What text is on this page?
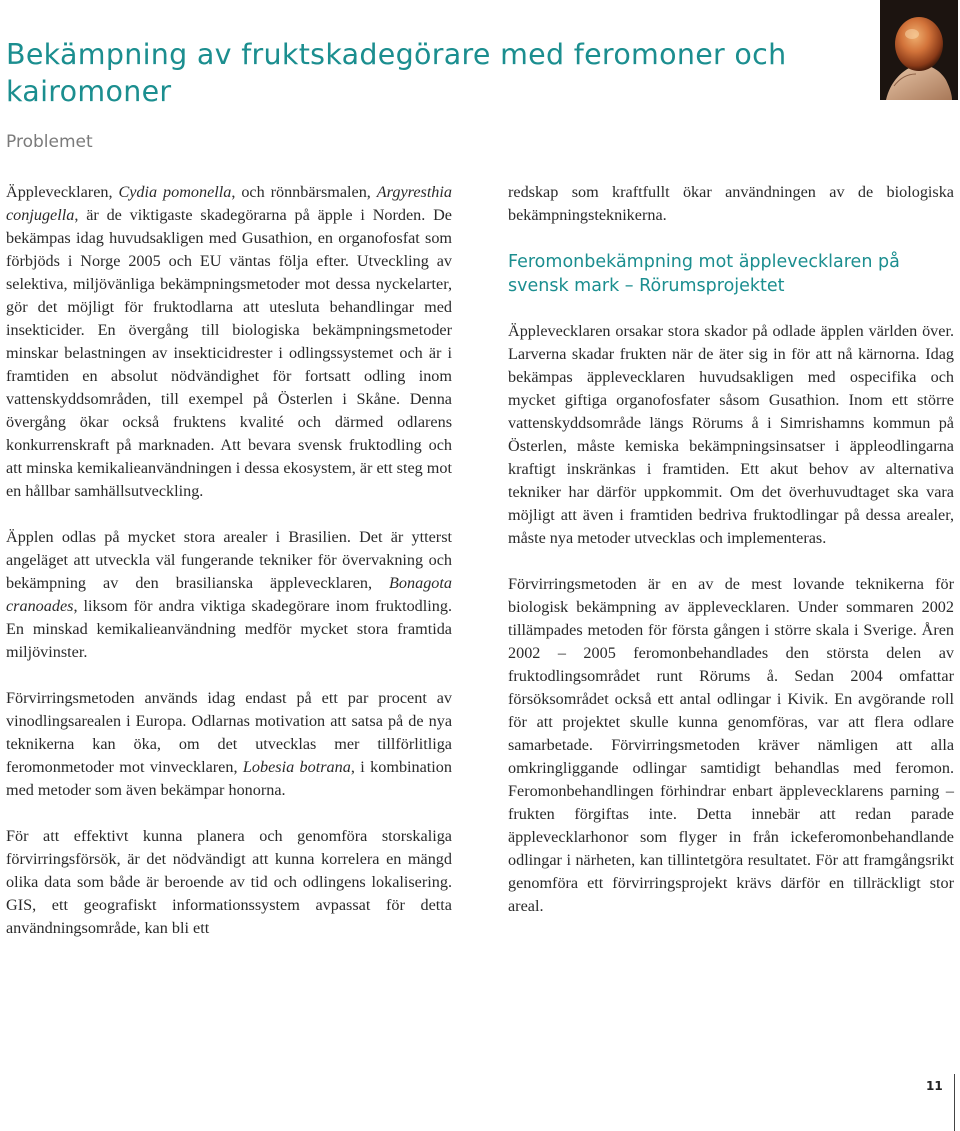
Bekämpning av fruktskadegörare med feromoner och kairomoner
Problemet

Äpplevecklaren, Cydia pomonella, och rönnbärsmalen, Argyresthia conjugella, är de viktigaste skadegörarna på äpple i Norden. De bekämpas idag huvudsakligen med Gusathion, en organofosfat som förbjöds i Norge 2005 och EU väntas följa efter. Utveckling av selektiva, miljövänliga bekämpningsmetoder mot dessa nyckelarter, gör det möjligt för fruktodlarna att utesluta behandlingar med insekticider. En övergång till biologiska bekämpningsmetoder minskar belastningen av insekticidrester i odlingssystemet och är i framtiden en absolut nödvändighet för fortsatt odling inom vattenskyddsområden, till exempel på Österlen i Skåne. Denna övergång ökar också fruktens kvalité och därmed odlarens konkurrenskraft på marknaden. Att bevara svensk fruktodling och att minska kemikalieanvändningen i dessa ekosystem, är ett steg mot en hållbar samhällsutveckling.

Äpplen odlas på mycket stora arealer i Brasilien. Det är ytterst angeläget att utveckla väl fungerande tekniker för övervakning och bekämpning av den brasilianska äpplevecklaren, Bonagota cranoades, liksom för andra viktiga skadegörare inom fruktodling. En minskad kemikalieanvändning medför mycket stora framtida miljövinster.

Förvirringsmetoden används idag endast på ett par procent av vinodlingsarealen i Europa. Odlarnas motivation att satsa på de nya teknikerna kan öka, om det utvecklas mer tillförlitliga feromonmetoder mot vinvecklaren, Lobesia botrana, i kombination med metoder som även bekämpar honorna.

För att effektivt kunna planera och genomföra storskaliga förvirringsförsök, är det nödvändigt att kunna korrelera en mängd olika data som både är beroende av tid och odlingens lokalisering. GIS, ett geografiskt informationssystem avpassat för detta användningsområde, kan bli ett

redskap som kraftfullt ökar användningen av de biologiska bekämpningsteknikerna.

Feromonbekämpning mot äpplevecklaren på svensk mark – Rörumsprojektet

Äpplevecklaren orsakar stora skador på odlade äpplen världen över. Larverna skadar frukten när de äter sig in för att nå kärnorna. Idag bekämpas äpplevecklaren huvudsakligen med ospecifika och mycket giftiga organofosfater såsom Gusathion. Inom ett större vattenskyddsområde längs Rörums å i Simrishamns kommun på Österlen, måste kemiska bekämpningsinsatser i äppleodlingarna kraftigt inskränkas i framtiden. Ett akut behov av alternativa tekniker har därför uppkommit. Om det överhuvudtaget ska vara möjligt att även i framtiden bedriva fruktodlingar på dessa arealer, måste nya metoder utvecklas och implementeras.

Förvirringsmetoden är en av de mest lovande teknikerna för biologisk bekämpning av äpplevecklaren. Under sommaren 2002 tillämpades metoden för första gången i större skala i Sverige. Åren 2002 – 2005 feromonbehandlades den största delen av fruktodlingsområdet runt Rörums å. Sedan 2004 omfattar försöksområdet också ett antal odlingar i Kivik. En avgörande roll för att projektet skulle kunna genomföras, var att flera odlare samarbetade. Förvirringsmetoden kräver nämligen att alla omkringliggande odlingar samtidigt behandlas med feromon. Feromonbehandlingen förhindrar enbart äpplevecklarens parning – frukten förgiftas inte. Detta innebär att redan parade äpplevecklarhonor som flyger in från ickeferomonbehandlande odlingar i närheten, kan tillintetgöra resultatet. För att framgångsrikt genomföra ett förvirringsprojekt krävs därför en tillräckligt stor areal.

11
